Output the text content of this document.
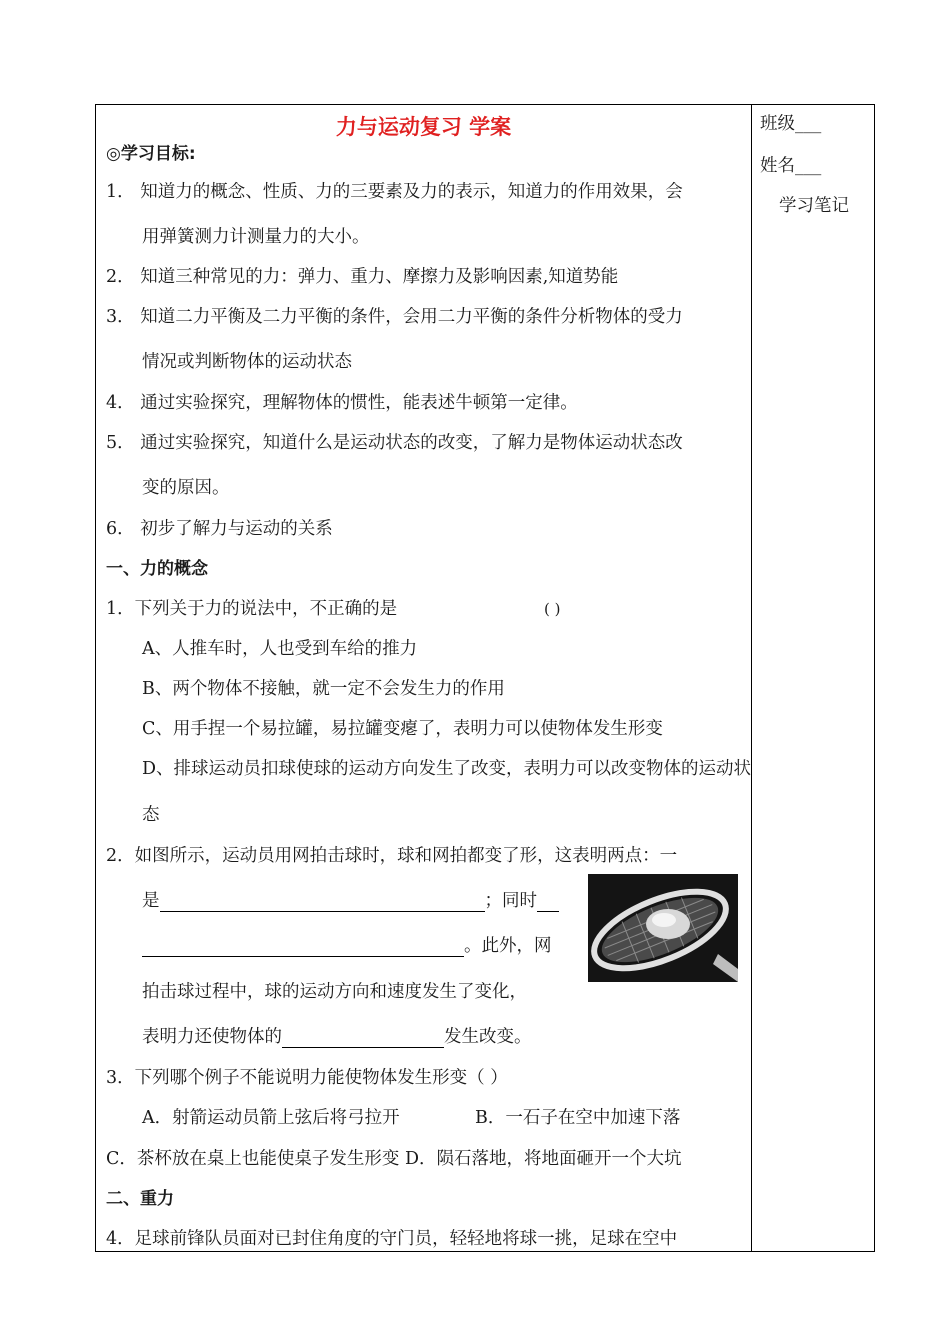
力与运动复习 学案
◎学习目标:
1． 知道力的概念、性质、力的三要素及力的表示，知道力的作用效果，会
用弹簧测力计测量力的大小。
2． 知道三种常见的力：弹力、重力、摩擦力及影响因素,知道势能
3． 知道二力平衡及二力平衡的条件，会用二力平衡的条件分析物体的受力
情况或判断物体的运动状态
4． 通过实验探究，理解物体的惯性，能表述牛顿第一定律。
5． 通过实验探究，知道什么是运动状态的改变，了解力是物体运动状态改
变的原因。
6． 初步了解力与运动的关系
一、力的概念
1．下列关于力的说法中，不正确的是	( )
A、人推车时，人也受到车给的推力
B、两个物体不接触，就一定不会发生力的作用
C、用手捏一个易拉罐，易拉罐变瘪了，表明力可以使物体发生形变
D、排球运动员扣球使球的运动方向发生了改变，表明力可以改变物体的运动状
态
2．如图所示，运动员用网拍击球时，球和网拍都变了形，这表明两点：一
是	；同时
。此外，网
拍击球过程中，球的运动方向和速度发生了变化，
表明力还使物体的	发生改变。
3．下列哪个例子不能说明力能使物体发生形变（ ）
A．射箭运动员箭上弦后将弓拉开	B．一石子在空中加速下落
C．茶杯放在桌上也能使桌子发生形变 D．陨石落地，将地面砸开一个大坑
二、重力
4．足球前锋队员面对已封住角度的守门员，轻轻地将球一挑，足球在空中
班级___
姓名___
学习笔记
